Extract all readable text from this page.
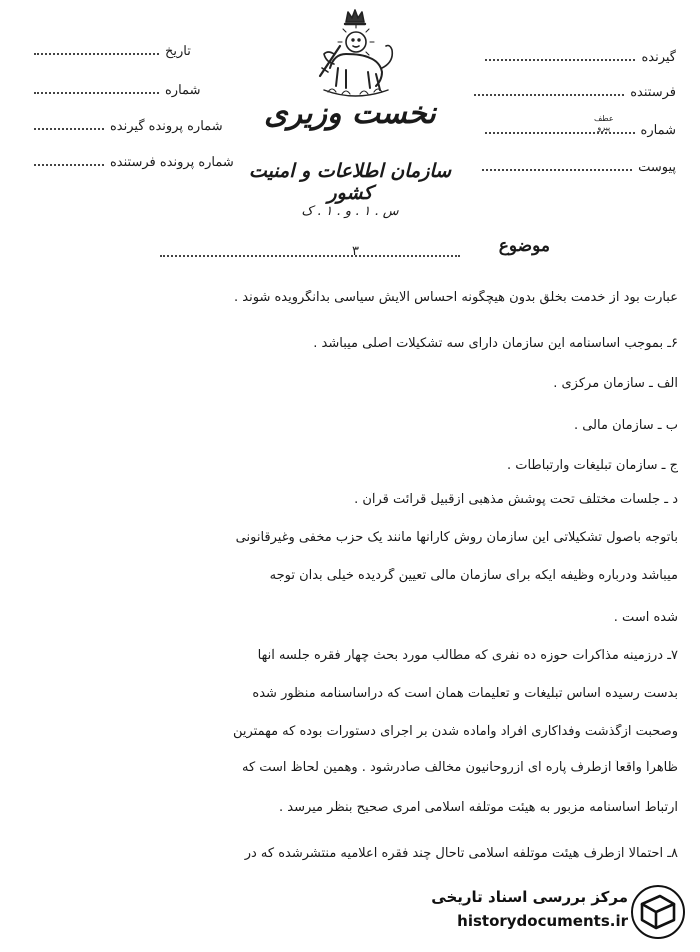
گیرنده
فرستنده
شماره
پیوست
عطف
پیرو
تاریخ
شماره
شماره پرونده گیرنده
شماره پرونده فرستنده
نخست وزیری
سازمان اطلاعات و امنیت کشور
س . ۱ . و . ۱ . ک
موضوع
۳
عبارت بود از خدمت بخلق بدون هیچگونه احساس آلایش سیاسی بدانگرویده شوند .
۶ـ بموجب اساسنامه این سازمان دارای سه تشکیلات اصلی میباشد .
الف ـ سازمان مرکزی .
ب ـ سازمان مالی .
ج ـ سازمان تبلیغات وارتباطات .
د ـ جلسات مختلف تحت پوشش مذهبی ازقبیل قرائت قرآن .
باتوجه باصول تشکیلاتی این سازمان روش کارآنها مانند یک حزب مخفی وغیرقانونی
میباشد ودرباره وظیفه ایکه برای سازمان مالی تعیین گردیده خیلی بدان توجه
شده است .
۷ـ درزمینه مذاکرات حوزه ده نفری که مطالب مورد بحث چهار فقره جلسه آنها
بدست رسیده اساس تبلیغات و تعلیمات همان است که دراساسنامه منظور شده
وصحبت ازگذشت وفداکاری افراد وآماده شدن بر اجرای دستورات بوده که مهمترین
ظاهراً واقعاً ازطرف پاره ای ازروحانیون مخالف صادرشود . وهمین لحاظ است که
ارتباط اساسنامه مزبور به هیئت موتلفه اسلامی امری صحیح بنظر میرسد .
۸ـ احتمالا ازطرف هیئت موتلفه اسلامی تاحال چند فقره اعلامیه منتشرشده که در
مرکز بررسی اسناد تاریخی
historydocuments.ir
